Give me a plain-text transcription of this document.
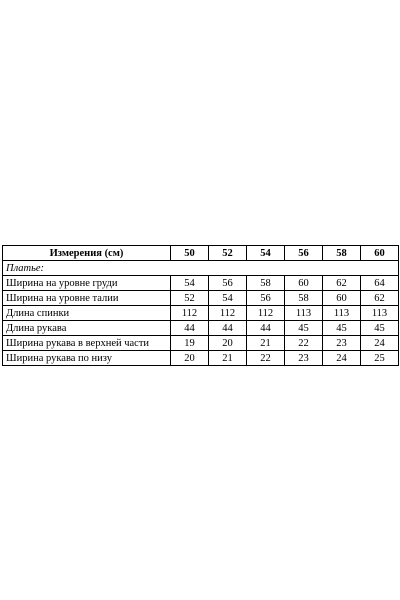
Измерения (см)	50	52	54	56	58	60
Платье:						
Ширина на уровне груди	54	56	58	60	62	64
Ширина на уровне талии	52	54	56	58	60	62
Длина спинки	112	112	112	113	113	113
Длина рукава	44	44	44	45	45	45
Ширина рукава в верхней части	19	20	21	22	23	24
Ширина рукава по низу	20	21	22	23	24	25
